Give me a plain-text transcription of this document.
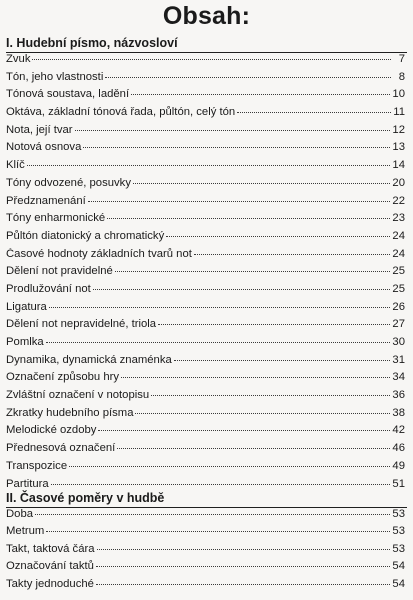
Obsah:
I. Hudební písmo, názvosloví
Zvuk	7
Tón, jeho vlastnosti	8
Tónová soustava, ladění	10
Oktáva, základní tónová řada, půltón, celý tón	11
Nota, její tvar	12
Notová osnova	13
Klíč	14
Tóny odvozené, posuvky	20
Předznamenání	22
Tóny enharmonické	23
Půltón diatonický a chromatický	24
Časové hodnoty základních tvarů not	24
Dělení not pravidelné	25
Prodlužování not	25
Ligatura	26
Dělení not nepravidelné, triola	27
Pomlka	30
Dynamika, dynamická znaménka	31
Označení způsobu hry	34
Zvláštní označení v notopisu	36
Zkratky hudebního písma	38
Melodické ozdoby	42
Přednesová označení	46
Transpozice	49
Partitura	51
II. Časové poměry v hudbě
Doba	53
Metrum	53
Takt, taktová čára	53
Označování taktů	54
Takty jednoduché	54
